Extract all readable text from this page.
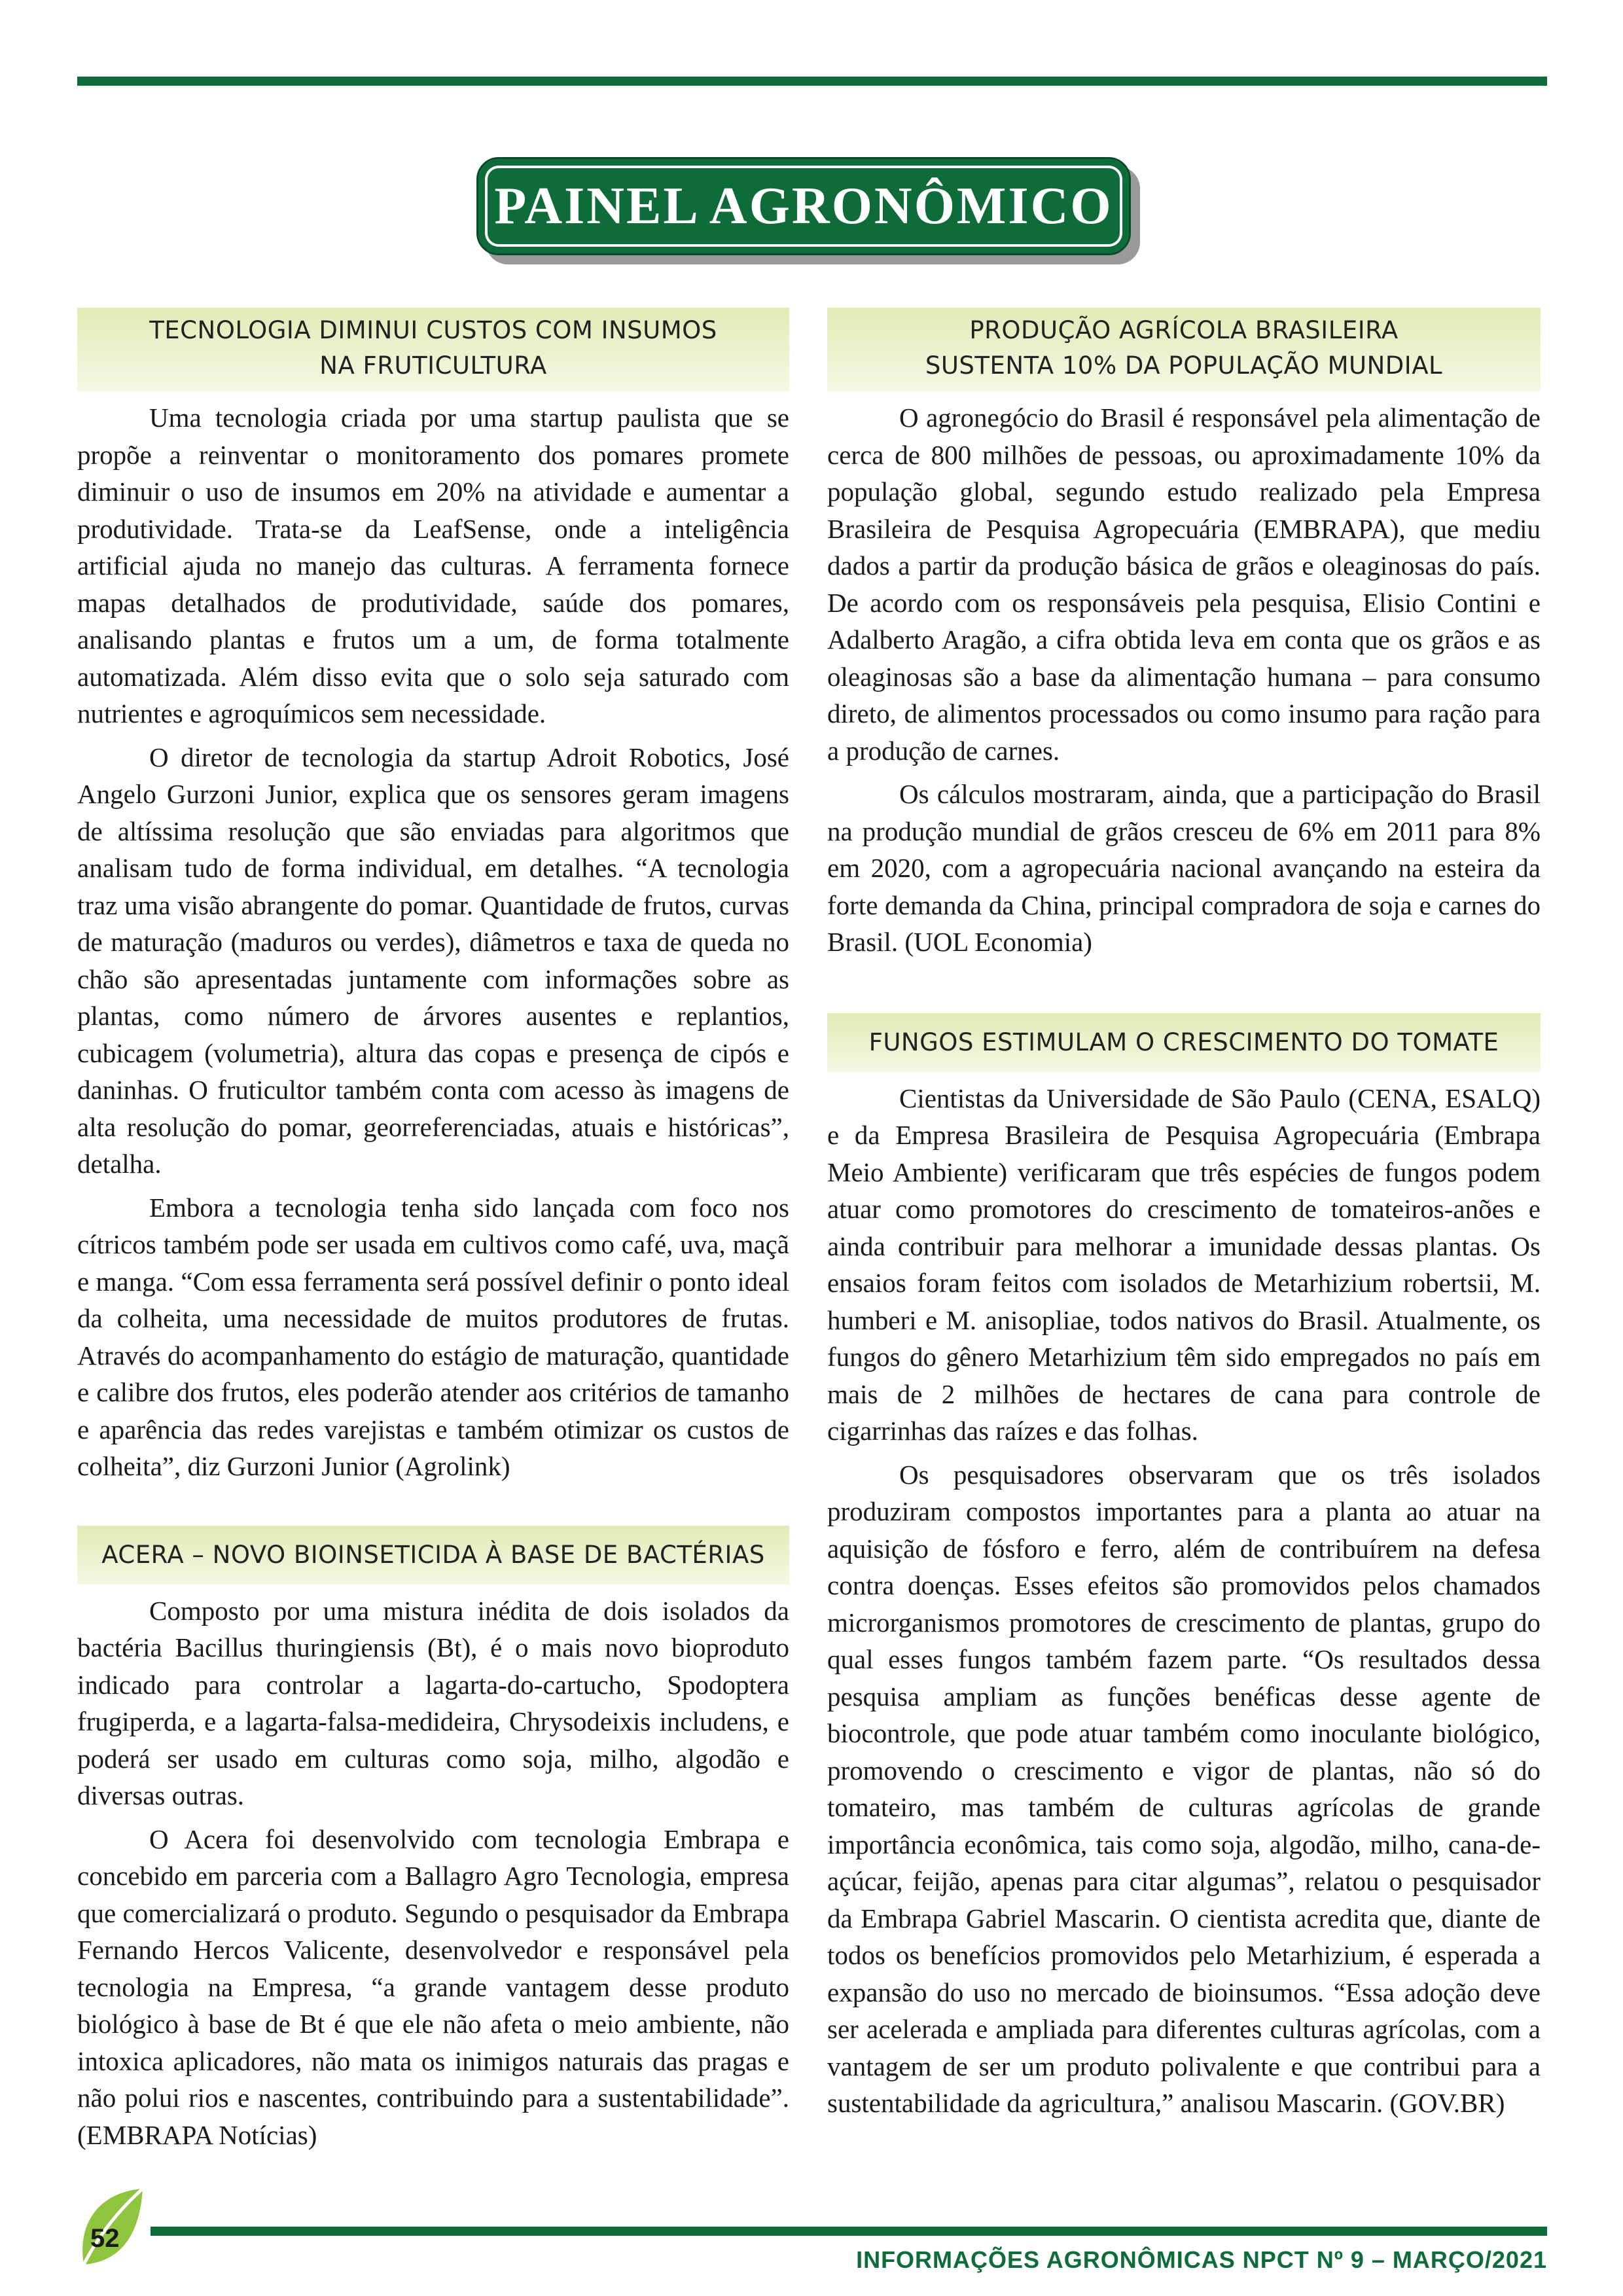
PAINEL AGRONÔMICO
TECNOLOGIA DIMINUI CUSTOS COM INSUMOS
NA FRUTICULTURA

Uma tecnologia criada por uma startup paulista que se propõe a reinventar o monitoramento dos pomares promete diminuir o uso de insumos em 20% na atividade e aumentar a produtividade. Trata-se da LeafSense, onde a inteligência artificial ajuda no manejo das culturas. A ferramenta fornece mapas detalhados de produtividade, saúde dos pomares, analisando plantas e frutos um a um, de forma totalmente automatizada. Além disso evita que o solo seja saturado com nutrientes e agroquímicos sem necessidade.

O diretor de tecnologia da startup Adroit Robotics, José Angelo Gurzoni Junior, explica que os sensores geram imagens de altíssima resolução que são enviadas para algoritmos que analisam tudo de forma individual, em detalhes. “A tecnologia traz uma visão abrangente do pomar. Quantidade de frutos, curvas de maturação (maduros ou verdes), diâmetros e taxa de queda no chão são apresentadas juntamente com informações sobre as plantas, como número de árvores ausentes e replantios, cubicagem (volumetria), altura das copas e presença de cipós e daninhas. O fruticultor também conta com acesso às imagens de alta resolução do pomar, georreferenciadas, atuais e históricas”, detalha.

Embora a tecnologia tenha sido lançada com foco nos cítricos também pode ser usada em cultivos como café, uva, maçã e manga. “Com essa ferramenta será possível definir o ponto ideal da colheita, uma necessidade de muitos produtores de frutas. Através do acompanhamento do estágio de maturação, quantidade e calibre dos frutos, eles poderão atender aos critérios de tamanho e aparência das redes varejistas e também otimizar os custos de colheita”, diz Gurzoni Junior (Agrolink)

ACERA – NOVO BIOINSETICIDA À BASE DE BACTÉRIAS

Composto por uma mistura inédita de dois isolados da bactéria Bacillus thuringiensis (Bt), é o mais novo bioproduto indicado para controlar a lagarta-do-cartucho, Spodoptera frugiperda, e a lagarta-falsa-medideira, Chrysodeixis includens, e poderá ser usado em culturas como soja, milho, algodão e diversas outras.

O Acera foi desenvolvido com tecnologia Embrapa e concebido em parceria com a Ballagro Agro Tecnologia, empresa que comercializará o produto. Segundo o pesquisador da Embrapa Fernando Hercos Valicente, desenvolvedor e responsável pela tecnologia na Empresa, “a grande vantagem desse produto biológico à base de Bt é que ele não afeta o meio ambiente, não intoxica aplicadores, não mata os inimigos naturais das pragas e não polui rios e nascentes, contribuindo para a sustentabilidade”. (EMBRAPA Notícias)

PRODUÇÃO AGRÍCOLA BRASILEIRA
SUSTENTA 10% DA POPULAÇÃO MUNDIAL

O agronegócio do Brasil é responsável pela alimentação de cerca de 800 milhões de pessoas, ou aproximadamente 10% da população global, segundo estudo realizado pela Empresa Brasileira de Pesquisa Agropecuária (EMBRAPA), que mediu dados a partir da produção básica de grãos e oleaginosas do país. De acordo com os responsáveis pela pesquisa, Elisio Contini e Adalberto Aragão, a cifra obtida leva em conta que os grãos e as oleaginosas são a base da alimentação humana – para consumo direto, de alimentos processados ou como insumo para ração para a produção de carnes.

Os cálculos mostraram, ainda, que a participação do Brasil na produção mundial de grãos cresceu de 6% em 2011 para 8% em 2020, com a agropecuária nacional avançando na esteira da forte demanda da China, principal compradora de soja e carnes do Brasil. (UOL Economia)

FUNGOS ESTIMULAM O CRESCIMENTO DO TOMATE

Cientistas da Universidade de São Paulo (CENA, ESALQ) e da Empresa Brasileira de Pesquisa Agropecuária (Embrapa Meio Ambiente) verificaram que três espécies de fungos podem atuar como promotores do crescimento de tomateiros-anões e ainda contribuir para melhorar a imunidade dessas plantas. Os ensaios foram feitos com isolados de Metarhizium robertsii, M. humberi e M. anisopliae, todos nativos do Brasil. Atualmente, os fungos do gênero Metarhizium têm sido empregados no país em mais de 2 milhões de hectares de cana para controle de cigarrinhas das raízes e das folhas.

Os pesquisadores observaram que os três isolados produziram compostos importantes para a planta ao atuar na aquisição de fósforo e ferro, além de contribuírem na defesa contra doenças. Esses efeitos são promovidos pelos chamados microrganismos promotores de crescimento de plantas, grupo do qual esses fungos também fazem parte. “Os resultados dessa pesquisa ampliam as funções benéficas desse agente de biocontrole, que pode atuar também como inoculante biológico, promovendo o crescimento e vigor de plantas, não só do tomateiro, mas também de culturas agrícolas de grande importância econômica, tais como soja, algodão, milho, cana-de-açúcar, feijão, apenas para citar algumas”, relatou o pesquisador da Embrapa Gabriel Mascarin. O cientista acredita que, diante de todos os benefícios promovidos pelo Metarhizium, é esperada a expansão do uso no mercado de bioinsumos. “Essa adoção deve ser acelerada e ampliada para diferentes culturas agrícolas, com a vantagem de ser um produto polivalente e que contribui para a sustentabilidade da agricultura,” analisou Mascarin. (GOV.BR)

52
INFORMAÇÕES AGRONÔMICAS NPCT Nº 9 – MARÇO/2021
